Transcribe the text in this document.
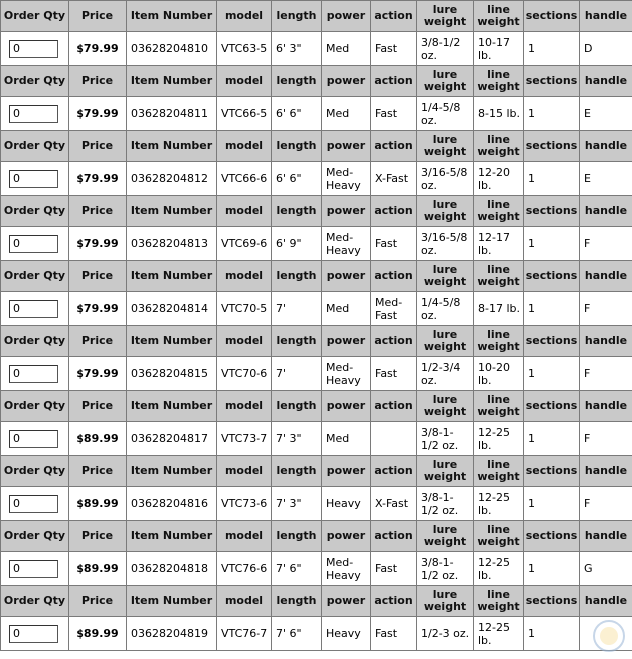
Order Qty	Price	Item Number	model	length	power	action	lure weight	line weight	sections	handle
0	$79.99	03628204810	VTC63-5	6' 3"	Med	Fast	3/8-1/2 oz.	10-17 lb.	1	D
Order Qty	Price	Item Number	model	length	power	action	lure weight	line weight	sections	handle
0	$79.99	03628204811	VTC66-5	6' 6"	Med	Fast	1/4-5/8 oz.	8-15 lb.	1	E
Order Qty	Price	Item Number	model	length	power	action	lure weight	line weight	sections	handle
0	$79.99	03628204812	VTC66-6	6' 6"	Med-Heavy	X-Fast	3/16-5/8 oz.	12-20 lb.	1	E
Order Qty	Price	Item Number	model	length	power	action	lure weight	line weight	sections	handle
0	$79.99	03628204813	VTC69-6	6' 9"	Med-Heavy	Fast	3/16-5/8 oz.	12-17 lb.	1	F
Order Qty	Price	Item Number	model	length	power	action	lure weight	line weight	sections	handle
0	$79.99	03628204814	VTC70-5	7'	Med	Med-Fast	1/4-5/8 oz.	8-17 lb.	1	F
Order Qty	Price	Item Number	model	length	power	action	lure weight	line weight	sections	handle
0	$79.99	03628204815	VTC70-6	7'	Med-Heavy	Fast	1/2-3/4 oz.	10-20 lb.	1	F
Order Qty	Price	Item Number	model	length	power	action	lure weight	line weight	sections	handle
0	$89.99	03628204817	VTC73-7	7' 3"	Med		3/8-1-1/2 oz.	12-25 lb.	1	F
Order Qty	Price	Item Number	model	length	power	action	lure weight	line weight	sections	handle
0	$89.99	03628204816	VTC73-6	7' 3"	Heavy	X-Fast	3/8-1-1/2 oz.	12-25 lb.	1	F
Order Qty	Price	Item Number	model	length	power	action	lure weight	line weight	sections	handle
0	$89.99	03628204818	VTC76-6	7' 6"	Med-Heavy	Fast	3/8-1-1/2 oz.	12-25 lb.	1	G
Order Qty	Price	Item Number	model	length	power	action	lure weight	line weight	sections	handle
0	$89.99	03628204819	VTC76-7	7' 6"	Heavy	Fast	1/2-3 oz.	12-25 lb.	1	
